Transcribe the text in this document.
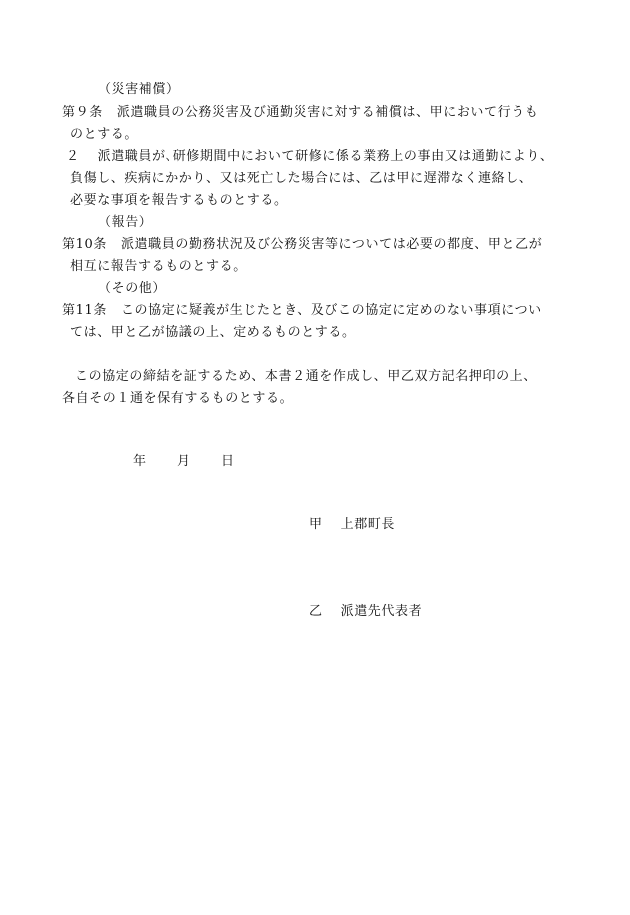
（災害補償）
第９条 派遣職員の公務災害及び通勤災害に対する補償は、甲において行うも
のとする。
２ 派遣職員が､研修期間中において研修に係る業務上の事由又は通勤により、
負傷し、疾病にかかり、又は死亡した場合には、乙は甲に遅滞なく連絡し、
必要な事項を報告するものとする。
（報告）
第10条 派遣職員の勤務状況及び公務災害等については必要の都度、甲と乙が
相互に報告するものとする。
（その他）
第11条 この協定に疑義が生じたとき、及びこの協定に定めのない事項につい
ては、甲と乙が協議の上、定めるものとする。
この協定の締結を証するため、本書２通を作成し、甲乙双方記名押印の上、
各自その１通を保有するものとする。
年 月 日
甲 上郡町長
乙 派遣先代表者
